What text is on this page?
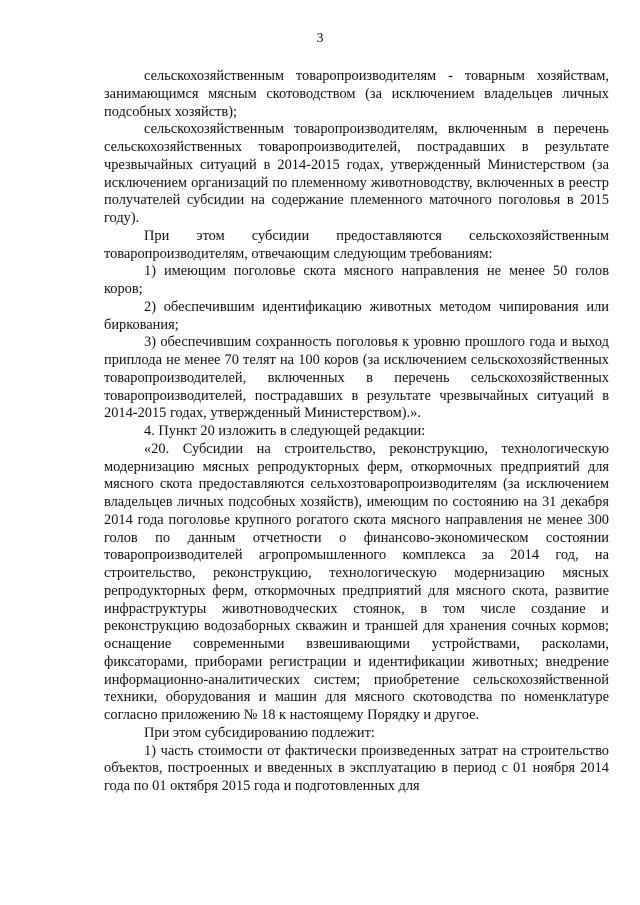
3

сельскохозяйственным товаропроизводителям - товарным хозяйствам, занимающимся мясным скотоводством (за исключением владельцев личных подсобных хозяйств);

сельскохозяйственным товаропроизводителям, включенным в перечень сельскохозяйственных товаропроизводителей, пострадавших в результате чрезвычайных ситуаций в 2014-2015 годах, утвержденный Министерством (за исключением организаций по племенному животноводству, включенных в реестр получателей субсидии на содержание племенного маточного поголовья в 2015 году).

При этом субсидии предоставляются сельскохозяйственным товаропроизводителям, отвечающим следующим требованиям:

1) имеющим поголовье скота мясного направления не менее 50 голов коров;

2) обеспечившим идентификацию животных методом чипирования или биркования;

3) обеспечившим сохранность поголовья к уровню прошлого года и выход приплода не менее 70 телят на 100 коров (за исключением сельскохозяйственных товаропроизводителей, включенных в перечень сельскохозяйственных товаропроизводителей, пострадавших в результате чрезвычайных ситуаций в 2014-2015 годах, утвержденный Министерством).».

4. Пункт 20 изложить в следующей редакции:

«20. Субсидии на строительство, реконструкцию, технологическую модернизацию мясных репродукторных ферм, откормочных предприятий для мясного скота предоставляются сельхозтоваропроизводителям (за исключением владельцев личных подсобных хозяйств), имеющим по состоянию на 31 декабря 2014 года поголовье крупного рогатого скота мясного направления не менее 300 голов по данным отчетности о финансово-экономическом состоянии товаропроизводителей агропромышленного комплекса за 2014 год, на строительство, реконструкцию, технологическую модернизацию мясных репродукторных ферм, откормочных предприятий для мясного скота, развитие инфраструктуры животноводческих стоянок, в том числе создание и реконструкцию водозаборных скважин и траншей для хранения сочных кормов; оснащение современными взвешивающими устройствами, расколами, фиксаторами, приборами регистрации и идентификации животных; внедрение информационно-аналитических систем; приобретение сельскохозяйственной техники, оборудования и машин для мясного скотоводства по номенклатуре согласно приложению № 18 к настоящему Порядку и другое.

При этом субсидированию подлежит:

1) часть стоимости от фактически произведенных затрат на строительство объектов, построенных и введенных в эксплуатацию в период с 01 ноября 2014 года по 01 октября 2015 года и подготовленных для
